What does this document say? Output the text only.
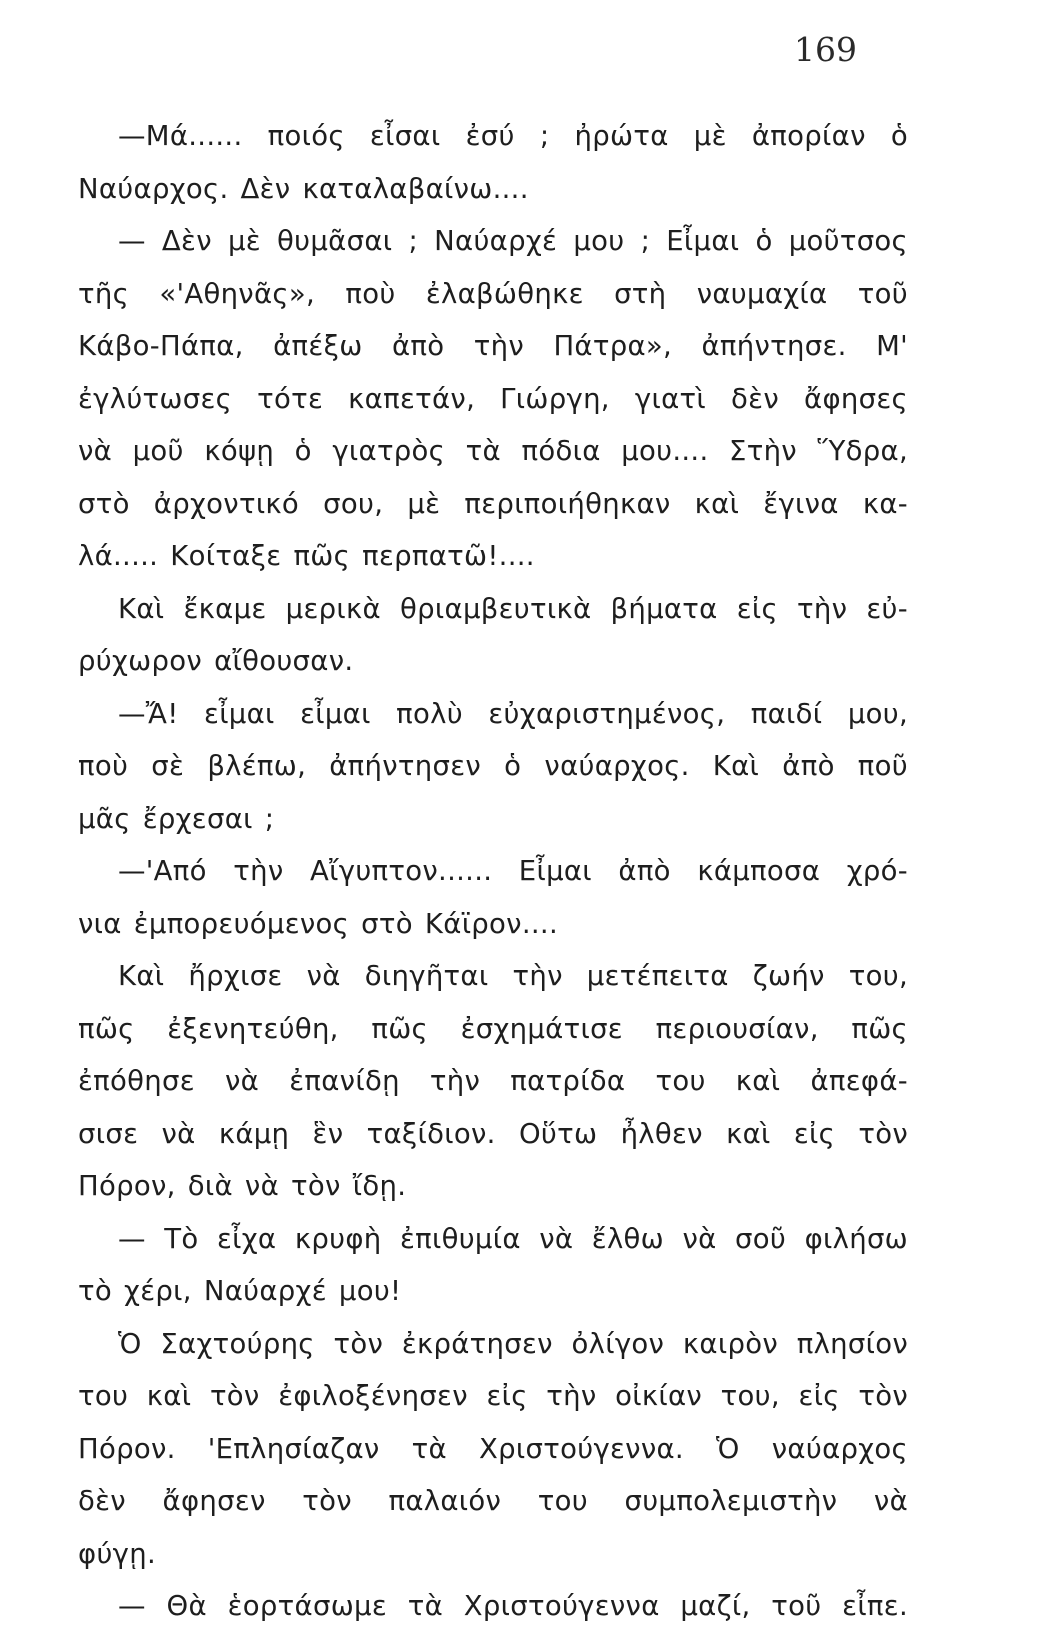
169
—Μά...... ποιός εἶσαι ἐσύ ; ἠρώτα μὲ ἀπορίαν ὁ
Ναύαρχος. Δὲν καταλαβαίνω....
— Δὲν μὲ θυμᾶσαι ; Ναύαρχέ μου ; Εἶμαι ὁ μοῦτσος
τῆς «'Αθηνᾶς», ποὺ ἐλαβώθηκε στὴ ναυμαχία τοῦ
Κάβο-Πάπα, ἀπέξω ἀπὸ τὴν Πάτρα», ἀπήντησε. Μ'
ἐγλύτωσες τότε καπετάν, Γιώργη, γιατὶ δὲν ἄφησες
νὰ μοῦ κόψῃ ὁ γιατρὸς τὰ πόδια μου.... Στὴν Ὕδρα,
στὸ ἀρχοντικό σου, μὲ περιποιήθηκαν καὶ ἔγινα κα-
λά..... Κοίταξε πῶς περπατῶ!....
Καὶ ἔκαμε μερικὰ θριαμβευτικὰ βήματα εἰς τὴν εὐ-
ρύχωρον αἴθουσαν.
—Ἄ! εἶμαι εἶμαι πολὺ εὐχαριστημένος, παιδί μου,
ποὺ σὲ βλέπω, ἀπήντησεν ὁ ναύαρχος. Καὶ ἀπὸ ποῦ
μᾶς ἔρχεσαι ;
—'Από τὴν Αἴγυπτον...... Εἶμαι ἀπὸ κάμποσα χρό-
νια ἐμπορευόμενος στὸ Κάϊρον....
Καὶ ἤρχισε νὰ διηγῆται τὴν μετέπειτα ζωήν του,
πῶς ἐξενητεύθη, πῶς ἐσχημάτισε περιουσίαν, πῶς
ἐπόθησε νὰ ἐπανίδῃ τὴν πατρίδα του καὶ ἀπεφά-
σισε νὰ κάμῃ ἓν ταξίδιον. Οὕτω ἦλθεν καὶ εἰς τὸν
Πόρον, διὰ νὰ τὸν ἴδῃ.
— Τὸ εἶχα κρυφὴ ἐπιθυμία νὰ ἔλθω νὰ σοῦ φιλήσω
τὸ χέρι, Ναύαρχέ μου!
Ὁ Σαχτούρης τὸν ἐκράτησεν ὀλίγον καιρὸν πλησίον
του καὶ τὸν ἐφιλοξένησεν εἰς τὴν οἰκίαν του, εἰς τὸν
Πόρον. 'Επλησίαζαν τὰ Χριστούγεννα. Ὁ ναύαρχος
δὲν ἄφησεν τὸν παλαιόν του συμπολεμιστὴν νὰ
φύγῃ.
— Θὰ ἑορτάσωμε τὰ Χριστούγεννα μαζί, τοῦ εἶπε.
